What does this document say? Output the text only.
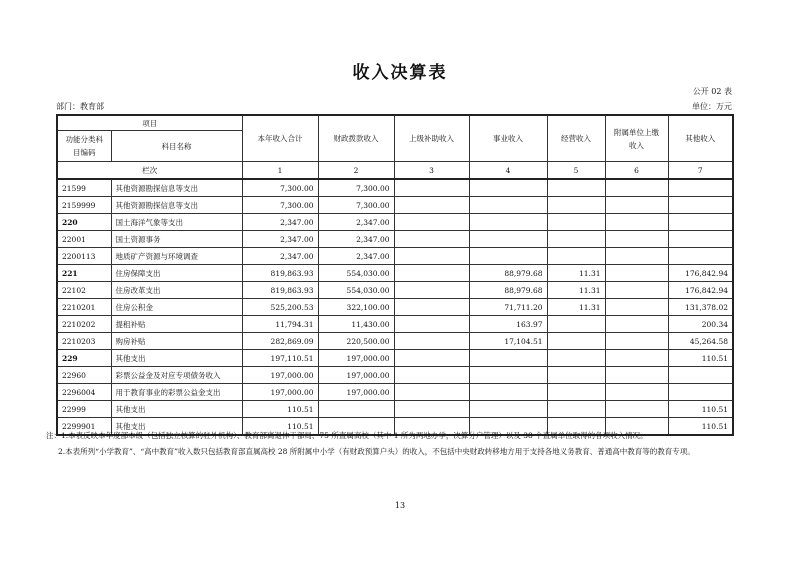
收入决算表
公开 02 表
部门：教育部	单位：万元
项目		本年收入合计	财政拨款收入	上级补助收入	事业收入	经营收入	附属单位上缴收入	其他收入
功能分类科目编码	科目名称							
栏次		1	2	3	4	5	6	7
21599	其他资源勘探信息等支出	7,300.00	7,300.00					
2159999	其他资源勘探信息等支出	7,300.00	7,300.00					
220	国土海洋气象等支出	2,347.00	2,347.00					
22001	国土资源事务	2,347.00	2,347.00					
2200113	地质矿产资源与环境调查	2,347.00	2,347.00					
221	住房保障支出	819,863.93	554,030.00		88,979.68	11.31		176,842.94
22102	住房改革支出	819,863.93	554,030.00		88,979.68	11.31		176,842.94
2210201	住房公积金	525,200.53	322,100.00		71,711.20	11.31		131,378.02
2210202	提租补贴	11,794.31	11,430.00		163.97			200.34
2210203	购房补贴	282,869.09	220,500.00		17,104.51			45,264.58
229	其他支出	197,110.51	197,000.00					110.51
22960	彩票公益金及对应专项债务收入	197,000.00	197,000.00					
2296004	用于教育事业的彩票公益金支出	197,000.00	197,000.00					
22999	其他支出	110.51						110.51
2299901	其他支出	110.51						110.51
注：1.本表反映本年度部本级（包括独立核算的驻外机构）、教育部离退休干部局、75 所直属高校（其中 1 所为两地办学，决算分户管理）以及 38 个直属单位取得的各项收入情况。
2.本表所列“小学教育”、“高中教育”收入数只包括教育部直属高校 28 所附属中小学（有财政预算户头）的收入，不包括中央财政转移地方用于支持各地义务教育、普通高中教育等的教育专项。
13
